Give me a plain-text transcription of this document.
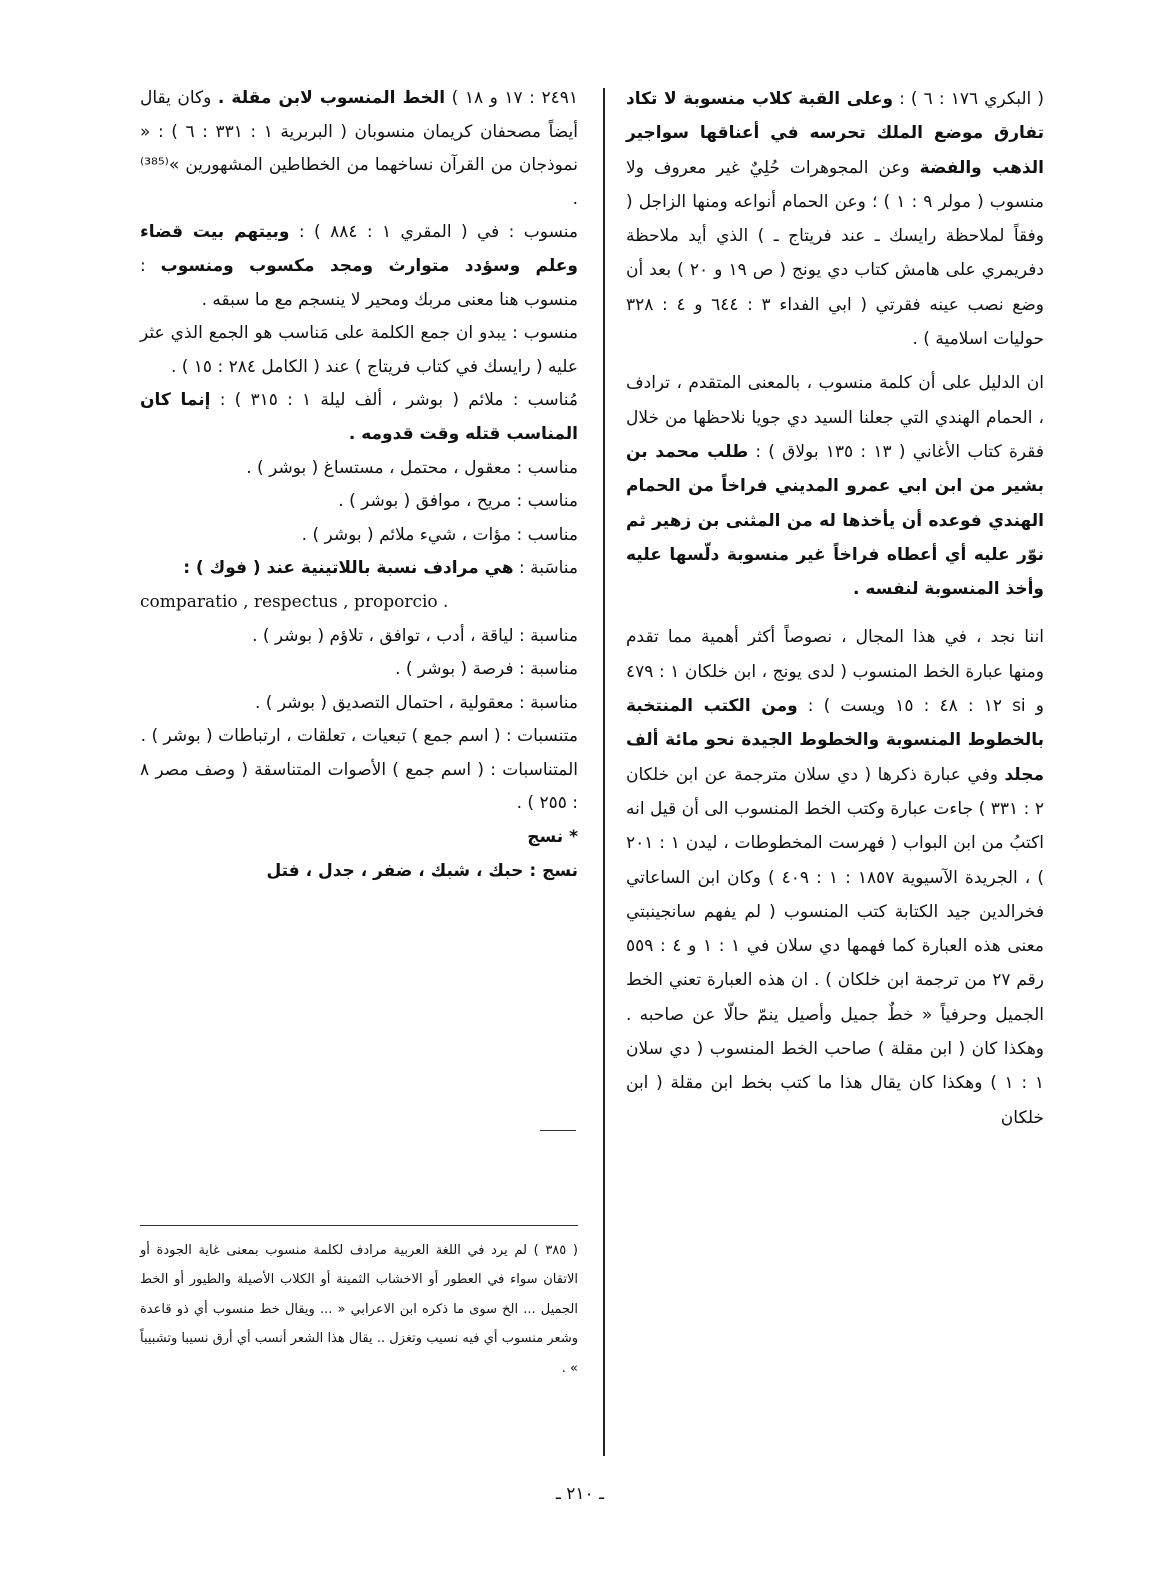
( البكري ١٧٦ : ٦ ) : وعلى القبة كلاب منسوبة لا تكاد تفارق موضع الملك تحرسه في أعناقها سواجير الذهب والفضة وعن المجوهرات حُلِيٌ غير معروف ولا منسوب ( مولر ٩ : ١ ) ؛ وعن الحمام أنواعه ومنها الزاجل ( وفقاً لملاحظة رايسك ـ عند فريتاج ـ ) الذي أيد ملاحظة دفريمري على هامش كتاب دي يونج ( ص ١٩ و ٢٠ ) بعد أن وضع نصب عينه فقرتي ( ابي الفداء ٣ : ٦٤٤ و ٤ : ٣٢٨ حوليات اسلامية ) .

ان الدليل على أن كلمة منسوب ، بالمعنى المتقدم ، ترادف ، الحمام الهندي التي جعلنا السيد دي جويا نلاحظها من خلال فقرة كتاب الأغاني ( ١٣ : ١٣٥ بولاق ) : طلب محمد بن بشير من ابن ابي عمرو المديني فراخاً من الحمام الهندي فوعده أن يأخذها له من المثنى بن زهير ثم نوّر عليه أي أعطاه فراخاً غير منسوبة دلّسها عليه وأخذ المنسوبة لنفسه .

اننا نجد ، في هذا المجال ، نصوصاً أكثر أهمية مما تقدم ومنها عبارة الخط المنسوب ( لدى يونج ، ابن خلكان ١ : ٤٧٩ و si ١٢ : ٤٨ : ١٥ ويست ) : ومن الكتب المنتخبة بالخطوط المنسوبة والخطوط الجيدة نحو مائة ألف مجلد وفي عبارة ذكرها ( دي سلان مترجمة عن ابن خلكان ٢ : ٣٣١ ) جاءت عبارة وكتب الخط المنسوب الى أن قيل انه اكتبُ من ابن البواب ( فهرست المخطوطات ، ليدن ١ : ٢٠١ ) ، الجريدة الآسيوية ١٨٥٧ : ١ : ٤٠٩ ) وكان ابن الساعاتي فخرالدين جيد الكتابة كتب المنسوب ( لم يفهم سانجينبتي معنى هذه العبارة كما فهمها دي سلان في ١ : ١ و ٤ : ٥٥٩ رقم ٢٧ من ترجمة ابن خلكان ) . ان هذه العبارة تعني الخط الجميل وحرفياً « خطٌ جميل وأصيل ينمّ حالّا عن صاحبه . وهكذا كان ( ابن مقلة ) صاحب الخط المنسوب ( دي سلان ١ : ١ ) وهكذا كان يقال هذا ما كتب بخط ابن مقلة ( ابن خلكان

٢٤٩١ : ١٧ و ١٨ ) الخط المنسوب لابن مقلة . وكان يقال أيضاً مصحفان كريمان منسوبان ( البربرية ١ : ٣٣١ : ٦ ) : « نموذجان من القرآن نساخهما من الخطاطين المشهورين »⁽³⁸⁵⁾ .

منسوب : في ( المقري ١ : ٨٨٤ ) : وبيتهم بيت قضاء وعلم وسؤدد متوارث ومجد مكسوب ومنسوب : منسوب هنا معنى مربك ومحير لا ينسجم مع ما سبقه .

منسوب : يبدو ان جمع الكلمة على مَناسب هو الجمع الذي عثر عليه ( رايسك في كتاب فريتاج ) عند ( الكامل ٢٨٤ : ١٥ ) .

مُناسب : ملائم ( بوشر ، ألف ليلة ١ : ٣١٥ ) : إنما كان المناسب قتله وقت قدومه .

مناسب : معقول ، محتمل ، مستساغ ( بوشر ) .

مناسب : مريح ، موافق ( بوشر ) .

مناسب : مؤات ، شيء ملائم ( بوشر ) .

مناسَبة : هي مرادف نسبة باللاتينية عند ( فوك ) :

comparatio , respectus , proporcio .

مناسبة : لياقة ، أدب ، توافق ، تلاؤم ( بوشر ) .

مناسبة : فرصة ( بوشر ) .

مناسبة : معقولية ، احتمال التصديق ( بوشر ) .

متنسبات : ( اسم جمع ) تبعيات ، تعلقات ، ارتباطات ( بوشر ) .

المتناسبات : ( اسم جمع ) الأصوات المتناسقة ( وصف مصر ٨ : ٢٥٥ ) .

* نسج

نسج : حبك ، شبك ، ضفر ، جدل ، فتل

( ٣٨٥ ) لم يرد في اللغة العربية مرادف لكلمة منسوب بمعنى غاية الجودة أو الاتقان سواء في العطور أو الاخشاب الثمينة أو الكلاب الأصيلة والطيور أو الخط الجميل ... الخ سوى ما ذكره ابن الاعرابي « ... ويقال خط منسوب أي ذو قاعدة وشعر منسوب أي فيه نسيب وتغزل .. يقال هذا الشعر أنسب أي أرق نسيبا وتشبيباً » .

ـ ٢١٠ ـ
